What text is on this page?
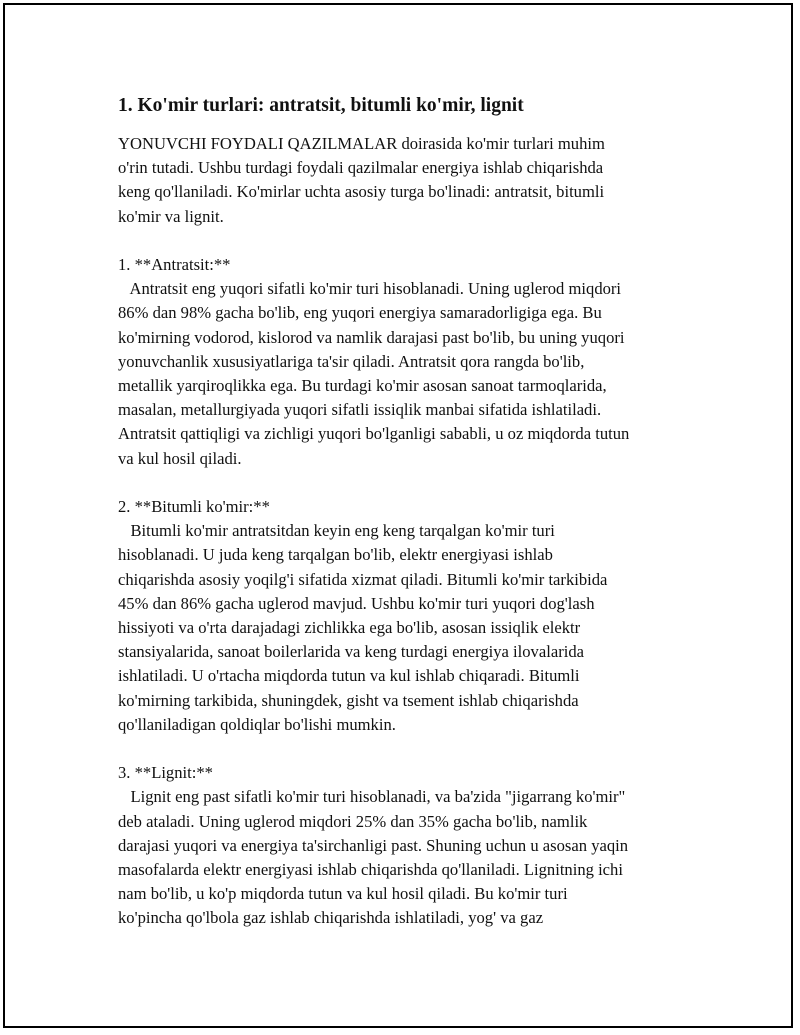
1. Ko'mir turlari: antratsit, bitumli ko'mir, lignit
YONUVCHI FOYDALI QAZILMALAR doirasida ko'mir turlari muhim
o'rin tutadi. Ushbu turdagi foydali qazilmalar energiya ishlab chiqarishda
keng qo'llaniladi. Ko'mirlar uchta asosiy turga bo'linadi: antratsit, bitumli
ko'mir va lignit.
1. **Antratsit:**
Antratsit eng yuqori sifatli ko'mir turi hisoblanadi. Uning uglerod miqdori
86% dan 98% gacha bo'lib, eng yuqori energiya samaradorligiga ega. Bu
ko'mirning vodorod, kislorod va namlik darajasi past bo'lib, bu uning yuqori
yonuvchanlik xususiyatlariga ta'sir qiladi. Antratsit qora rangda bo'lib,
metallik yarqiroqlikka ega. Bu turdagi ko'mir asosan sanoat tarmoqlarida,
masalan, metallurgiyada yuqori sifatli issiqlik manbai sifatida ishlatiladi.
Antratsit qattiqligi va zichligi yuqori bo'lganligi sababli, u oz miqdorda tutun
va kul hosil qiladi.
2. **Bitumli ko'mir:**
Bitumli ko'mir antratsitdan keyin eng keng tarqalgan ko'mir turi
hisoblanadi. U juda keng tarqalgan bo'lib, elektr energiyasi ishlab
chiqarishda asosiy yoqilg'i sifatida xizmat qiladi. Bitumli ko'mir tarkibida
45% dan 86% gacha uglerod mavjud. Ushbu ko'mir turi yuqori dog'lash
hissiyoti va o'rta darajadagi zichlikka ega bo'lib, asosan issiqlik elektr
stansiyalarida, sanoat boilerlarida va keng turdagi energiya ilovalarida
ishlatiladi. U o'rtacha miqdorda tutun va kul ishlab chiqaradi. Bitumli
ko'mirning tarkibida, shuningdek, gisht va tsement ishlab chiqarishda
qo'llaniladigan qoldiqlar bo'lishi mumkin.
3. **Lignit:**
Lignit eng past sifatli ko'mir turi hisoblanadi, va ba'zida "jigarrang ko'mir"
deb ataladi. Uning uglerod miqdori 25% dan 35% gacha bo'lib, namlik
darajasi yuqori va energiya ta'sirchanligi past. Shuning uchun u asosan yaqin
masofalarda elektr energiyasi ishlab chiqarishda qo'llaniladi. Lignitning ichi
nam bo'lib, u ko'p miqdorda tutun va kul hosil qiladi. Bu ko'mir turi
ko'pincha qo'lbola gaz ishlab chiqarishda ishlatiladi, yog' va gaz
